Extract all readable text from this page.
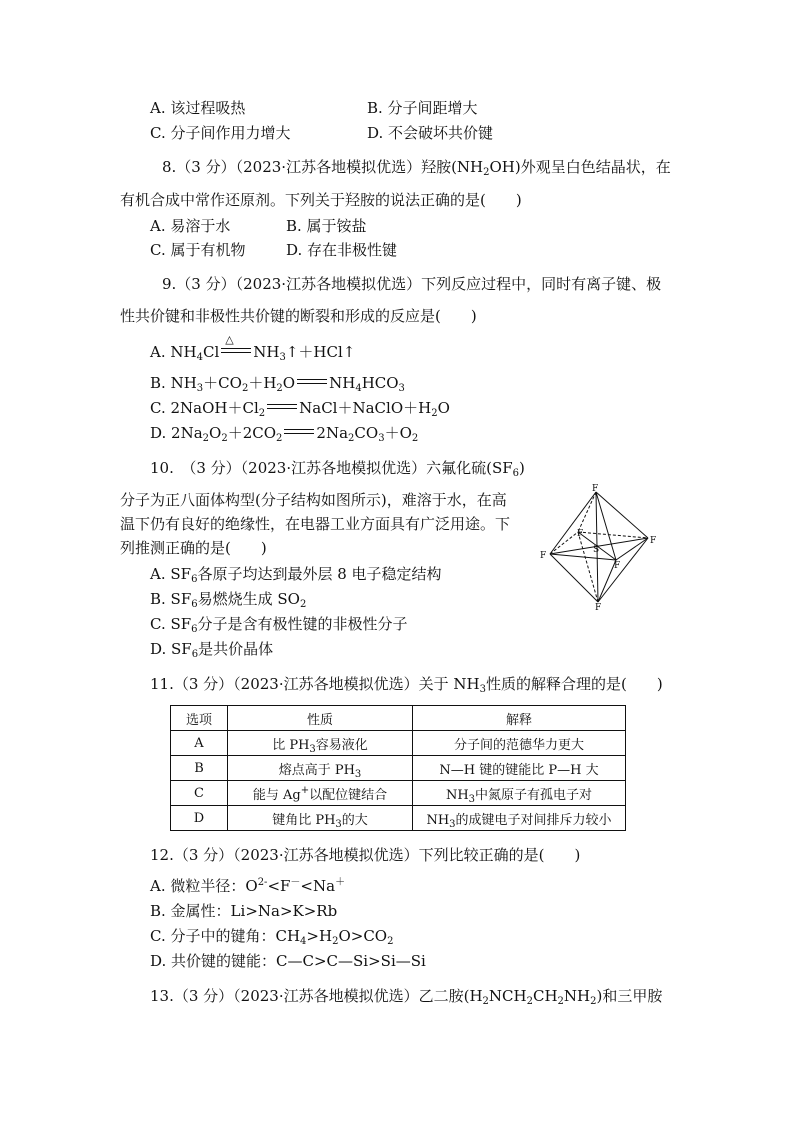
A. 该过程吸热	B. 分子间距增大
C. 分子间作用力增大	D. 不会破坏共价键
8.（3 分）（2023·江苏各地模拟优选）羟胺$(NH_2OH)$外观呈白色结晶状，在
有机合成中常作还原剂。下列关于羟胺的说法正确的是(　　)
A. 易溶于水	B. 属于铵盐
C. 属于有机物	D. 存在非极性键
9.（3 分）（2023·江苏各地模拟优选）下列反应过程中，同时有离子键、极
性共价键和非极性共价键的断裂和形成的反应是(　　)
A. $NH_4Cl$
△
$NH_3↑+HCl↑$
B. $NH_3+CO_2+H_2O$ $NH_4HCO_3$
C. $2NaOH+Cl_2$ $NaCl+NaClO+H_2O$
D. $2Na_2O_2+2CO_2$ $2Na_2CO_3+O_2$
10.　（3 分）（2023·江苏各地模拟优选）六氟化硫$(SF_6)$
分子为正八面体构型(分子结构如图所示)，难溶于水，在高
温下仍有良好的绝缘性，在电器工业方面具有广泛用途。下
列推测正确的是(　　)
A. $SF_6$各原子均达到最外层 8 电子稳定结构
B. $SF_6$易燃烧生成 $SO_2$
C. $SF_6$分子是含有极性键的非极性分子
D. $SF_6$是共价晶体
F
F
F
F
F
F
S
11.（3 分）（2023·江苏各地模拟优选）关于 $NH_3$性质的解释合理的是(　　)
选项	性质	解释
A	比 $PH_3$容易液化	分子间的范德华力更大
B	熔点高于 $PH_3$	N—H 键的键能比 P—H 大
C	能与 Ag+以配位键结合	$NH_3$中氮原子有孤电子对
D	键角比 $PH_3$的大	$NH_3$的成键电子对间排斥力较小
12.（3 分）（2023·江苏各地模拟优选）下列比较正确的是(　　)
A. 微粒半径：$O^{2-}<F^-<Na^+$
B. 金属性：Li>Na>K>Rb
C. 分子中的键角：$CH_4>H_2O>CO_2$
D. 共价键的键能：C—C>C—Si>Si—Si
13.（3 分）（2023·江苏各地模拟优选）乙二胺$(H_2NCH_2CH_2NH_2)$和三甲胺
